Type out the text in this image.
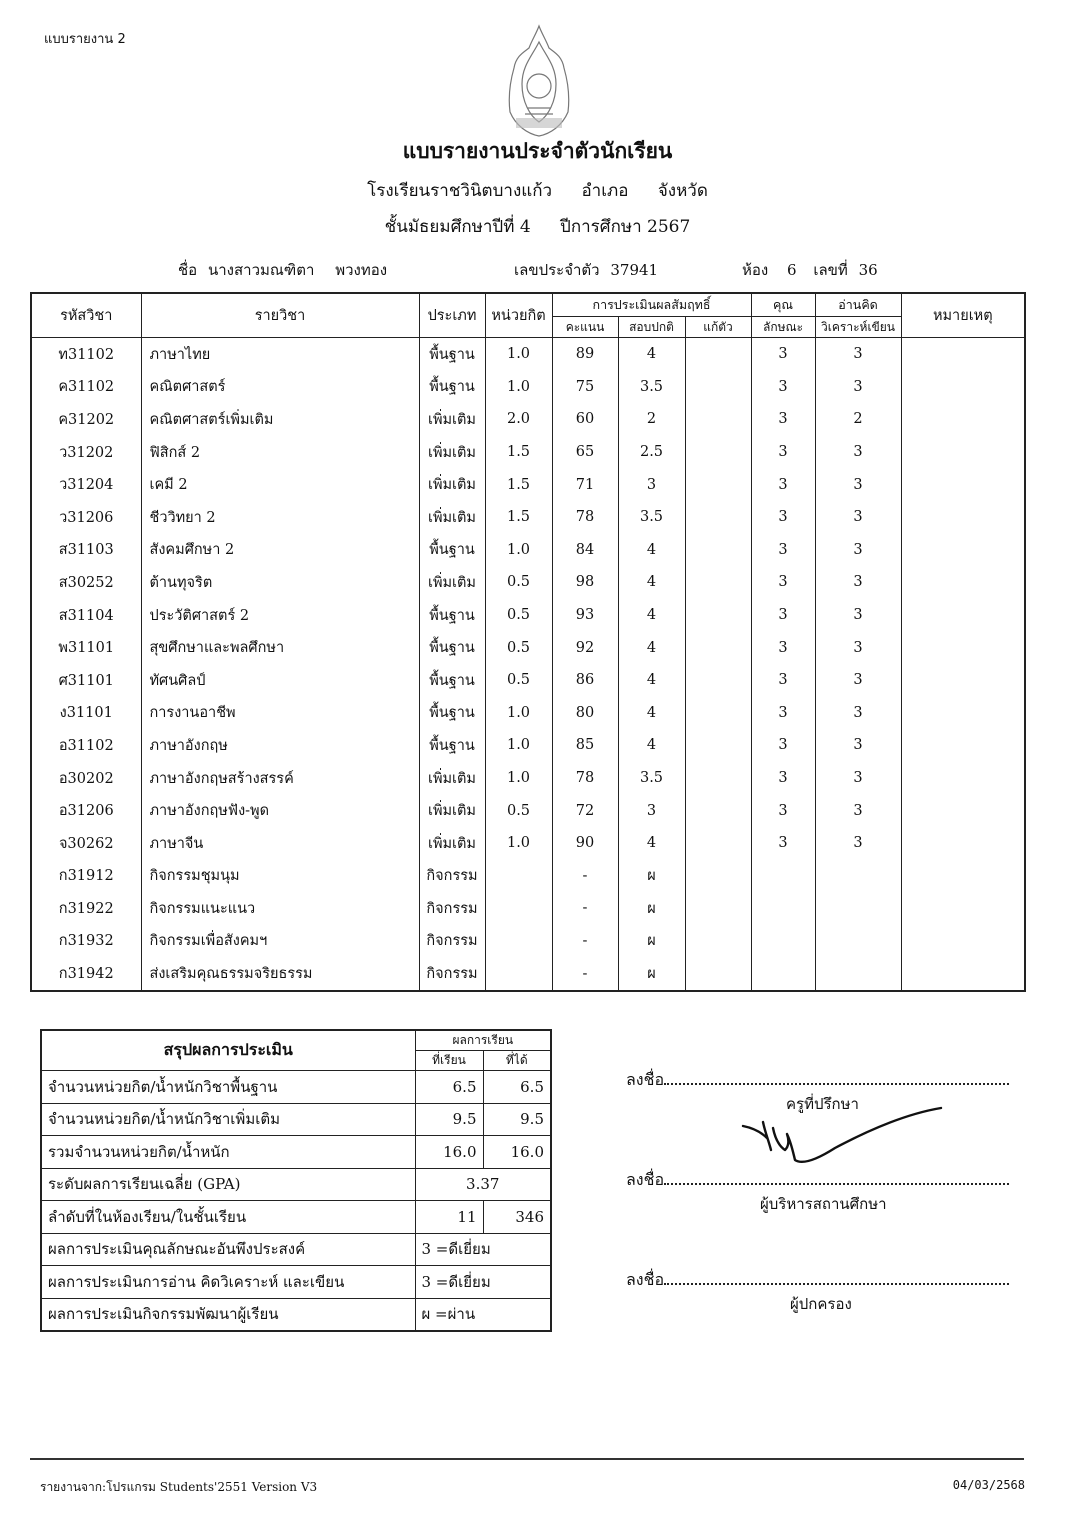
แบบรายงาน 2
แบบรายงานประจำตัวนักเรียน
โรงเรียนราชวินิตบางแก้ว อำเภอ จังหวัด
ชั้นมัธยมศึกษาปีที่ 4 ปีการศึกษา 2567
ชื่อ นางสาวมณฑิตา พวงทอง	เลขประจำตัว 37941	ห้อง 6 เลขที่ 36
รหัสวิชา	รายวิชา	ประเภท	หน่วยกิต	การประเมินผลสัมฤทธิ์			คุณ	อ่านคิด	หมายเหตุ
				คะแนน	สอบปกติ	แก้ตัว	ลักษณะ	วิเคราะห์เขียน	
ท31102	ภาษาไทย	พื้นฐาน	1.0	89	4		3	3	
ค31102	คณิตศาสตร์	พื้นฐาน	1.0	75	3.5		3	3	
ค31202	คณิตศาสตร์เพิ่มเติม	เพิ่มเติม	2.0	60	2		3	2	
ว31202	ฟิสิกส์ 2	เพิ่มเติม	1.5	65	2.5		3	3	
ว31204	เคมี 2	เพิ่มเติม	1.5	71	3		3	3	
ว31206	ชีววิทยา 2	เพิ่มเติม	1.5	78	3.5		3	3	
ส31103	สังคมศึกษา 2	พื้นฐาน	1.0	84	4		3	3	
ส30252	ต้านทุจริต	เพิ่มเติม	0.5	98	4		3	3	
ส31104	ประวัติศาสตร์ 2	พื้นฐาน	0.5	93	4		3	3	
พ31101	สุขศึกษาและพลศึกษา	พื้นฐาน	0.5	92	4		3	3	
ศ31101	ทัศนศิลป์	พื้นฐาน	0.5	86	4		3	3	
ง31101	การงานอาชีพ	พื้นฐาน	1.0	80	4		3	3	
อ31102	ภาษาอังกฤษ	พื้นฐาน	1.0	85	4		3	3	
อ30202	ภาษาอังกฤษสร้างสรรค์	เพิ่มเติม	1.0	78	3.5		3	3	
อ31206	ภาษาอังกฤษฟัง-พูด	เพิ่มเติม	0.5	72	3		3	3	
จ30262	ภาษาจีน	เพิ่มเติม	1.0	90	4		3	3	
ก31912	กิจกรรมชุมนุม	กิจกรรม		-	ผ				
ก31922	กิจกรรมแนะแนว	กิจกรรม		-	ผ				
ก31932	กิจกรรมเพื่อสังคมฯ	กิจกรรม		-	ผ				
ก31942	ส่งเสริมคุณธรรมจริยธรรม	กิจกรรม		-	ผ				
สรุปผลการประเมิน	ผลการเรียน	
	ที่เรียน	ที่ได้
จำนวนหน่วยกิต/น้ำหนักวิชาพื้นฐาน	6.5	6.5
จำนวนหน่วยกิต/น้ำหนักวิชาเพิ่มเติม	9.5	9.5
รวมจำนวนหน่วยกิต/น้ำหนัก	16.0	16.0
ระดับผลการเรียนเฉลี่ย (GPA)	3.37	
ลำดับที่ในห้องเรียน/ในชั้นเรียน	11	346
ผลการประเมินคุณลักษณะอันพึงประสงค์	3 =ดีเยี่ยม	
ผลการประเมินการอ่าน คิดวิเคราะห์ และเขียน	3 =ดีเยี่ยม	
ผลการประเมินกิจกรรมพัฒนาผู้เรียน	ผ =ผ่าน	
ลงชื่อ
ครูที่ปรึกษา
ลงชื่อ
ผู้บริหารสถานศึกษา
ลงชื่อ
ผู้ปกครอง
รายงานจาก:โปรแกรม Students'2551 Version V3	04/03/2568
